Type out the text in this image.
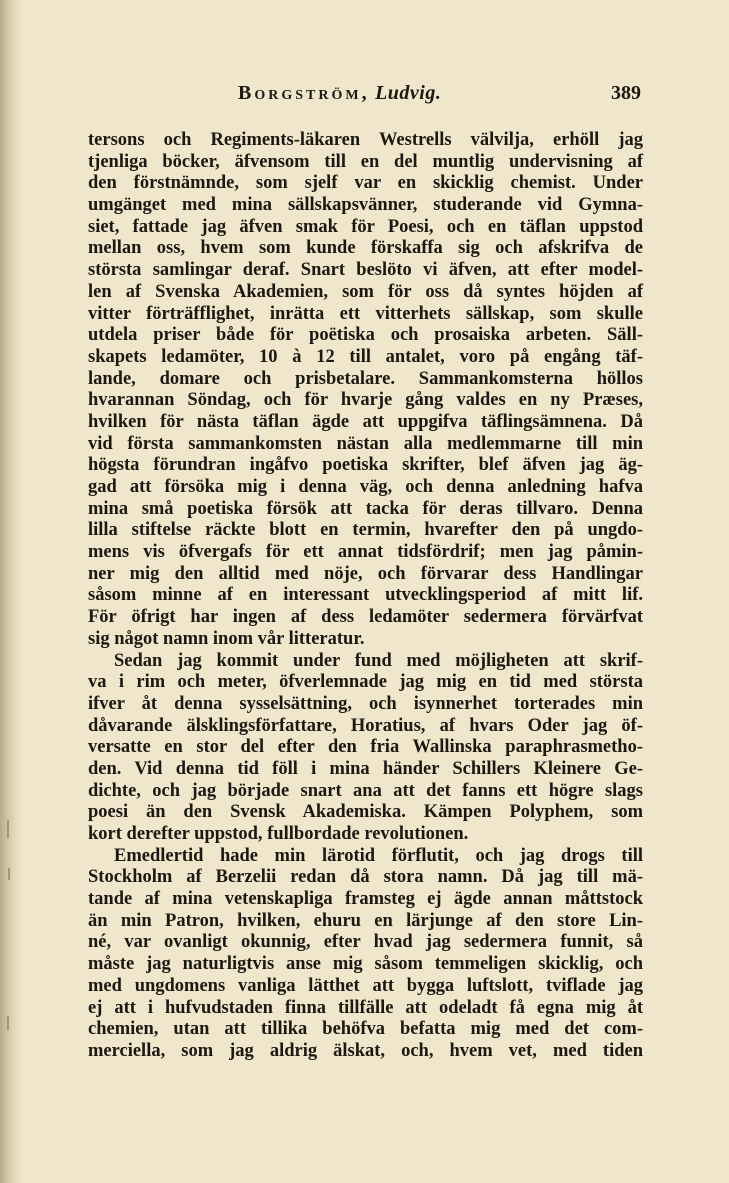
Borgström, Ludvig.	389
tersons och Regiments-läkaren Westrells välvilja, erhöll jag
tjenliga böcker, äfvensom till en del muntlig undervisning af
den förstnämnde, som sjelf var en skicklig chemist. Under
umgänget med mina sällskapsvänner, studerande vid Gymna-
siet, fattade jag äfven smak för Poesi, och en täflan uppstod
mellan oss, hvem som kunde förskaffa sig och afskrifva de
största samlingar deraf. Snart beslöto vi äfven, att efter model-
len af Svenska Akademien, som för oss då syntes höjden af
vitter förträfflighet, inrätta ett vitterhets sällskap, som skulle
utdela priser både för poëtiska och prosaiska arbeten. Säll-
skapets ledamöter, 10 à 12 till antalet, voro på engång täf-
lande, domare och prisbetalare. Sammankomsterna höllos
hvarannan Söndag, och för hvarje gång valdes en ny Præses,
hvilken för nästa täflan ägde att uppgifva täflingsämnena. Då
vid första sammankomsten nästan alla medlemmarne till min
högsta förundran ingåfvo poetiska skrifter, blef äfven jag äg-
gad att försöka mig i denna väg, och denna anledning hafva
mina små poetiska försök att tacka för deras tillvaro. Denna
lilla stiftelse räckte blott en termin, hvarefter den på ungdo-
mens vis öfvergafs för ett annat tidsfördrif; men jag påmin-
ner mig den alltid med nöje, och förvarar dess Handlingar
såsom minne af en interessant utvecklingsperiod af mitt lif.
För öfrigt har ingen af dess ledamöter sedermera förvärfvat
sig något namn inom vår litteratur.
Sedan jag kommit under fund med möjligheten att skrif-
va i rim och meter, öfverlemnade jag mig en tid med största
ifver åt denna sysselsättning, och isynnerhet torterades min
dåvarande älsklingsförfattare, Horatius, af hvars Oder jag öf-
versatte en stor del efter den fria Wallinska paraphrasmetho-
den. Vid denna tid föll i mina händer Schillers Kleinere Ge-
dichte, och jag började snart ana att det fanns ett högre slags
poesi än den Svensk Akademiska. Kämpen Polyphem, som
kort derefter uppstod, fullbordade revolutionen.
Emedlertid hade min lärotid förflutit, och jag drogs till
Stockholm af Berzelii redan då stora namn. Då jag till mä-
tande af mina vetenskapliga framsteg ej ägde annan måttstock
än min Patron, hvilken, ehuru en lärjunge af den store Lin-
né, var ovanligt okunnig, efter hvad jag sedermera funnit, så
måste jag naturligtvis anse mig såsom temmeligen skicklig, och
med ungdomens vanliga lätthet att bygga luftslott, tviflade jag
ej att i hufvudstaden finna tillfälle att odeladt få egna mig åt
chemien, utan att tillika behöfva befatta mig med det com-
merciella, som jag aldrig älskat, och, hvem vet, med tiden
